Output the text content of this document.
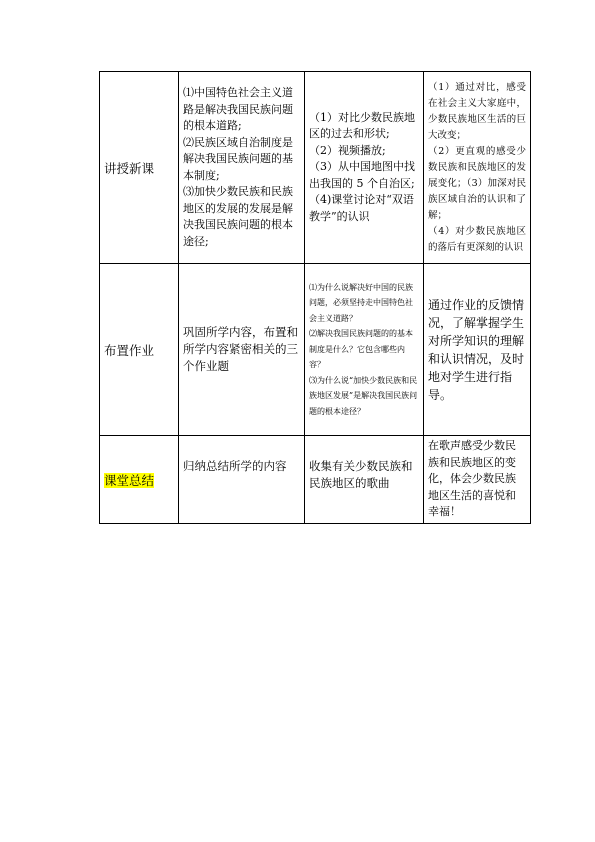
讲授新课	⑴中国特色社会主义道路是解决我国民族问题的根本道路;
⑵民族区域自治制度是解决我国民族问题的基本制度;
⑶加快少数民族和民族地区的发展的发展是解决我国民族问题的根本途径;	（1）对比少数民族地区的过去和形状;
（2）视频播放;
（3）从中国地图中找出我国的 5 个自治区;
（4)课堂讨论对“双语教学”的认识	（1）通过对比，感受在社会主义大家庭中，少数民族地区生活的巨大改变；
（2）更直观的感受少数民族和民族地区的发展变化；（3）加深对民族区域自治的认识和了解；
（4）对少数民族地区的落后有更深刻的认识

布置作业	巩固所学内容，布置和所学内容紧密相关的三个作业题	⑴为什么说解决好中国的民族问题，必须坚持走中国特色社会主义道路？
⑵解决我国民族问题的的基本制度是什么？它包含哪些内容？
⑶为什么说“加快少数民族和民族地区发展”是解决我国民族问题的根本途径？	通过作业的反馈情况，了解掌握学生对所学知识的理解和认识情况，及时地对学生进行指导。

课堂总结	归纳总结所学的内容	收集有关少数民族和民族地区的歌曲	在歌声感受少数民族和民族地区的变化，体会少数民族地区生活的喜悦和幸福！
